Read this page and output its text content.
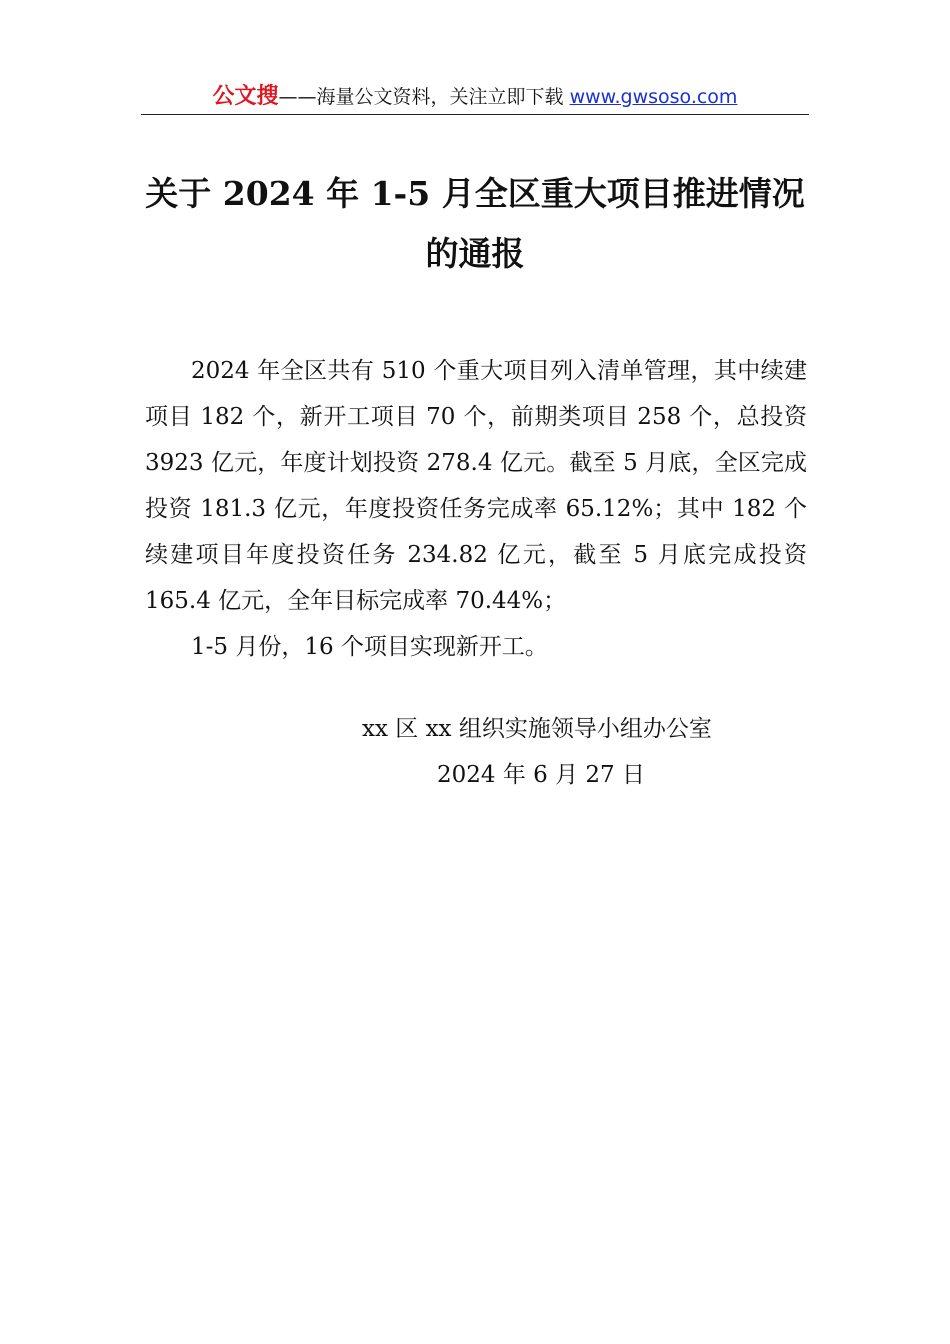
公文搜——海量公文资料，关注立即下载 www.gwsoso.com
关于 2024 年 1-5 月全区重大项目推进情况
的通报

2024 年全区共有 510 个重大项目列入清单管理，其中续建项目 182 个，新开工项目 70 个，前期类项目 258 个，总投资 3923 亿元，年度计划投资 278.4 亿元。截至 5 月底，全区完成投资 181.3 亿元，年度投资任务完成率 65.12%；其中 182 个续建项目年度投资任务 234.82 亿元，截至 5 月底完成投资 165.4 亿元，全年目标完成率 70.44%；

1-5 月份，16 个项目实现新开工。

xx 区 xx 组织实施领导小组办公室
2024 年 6 月 27 日
